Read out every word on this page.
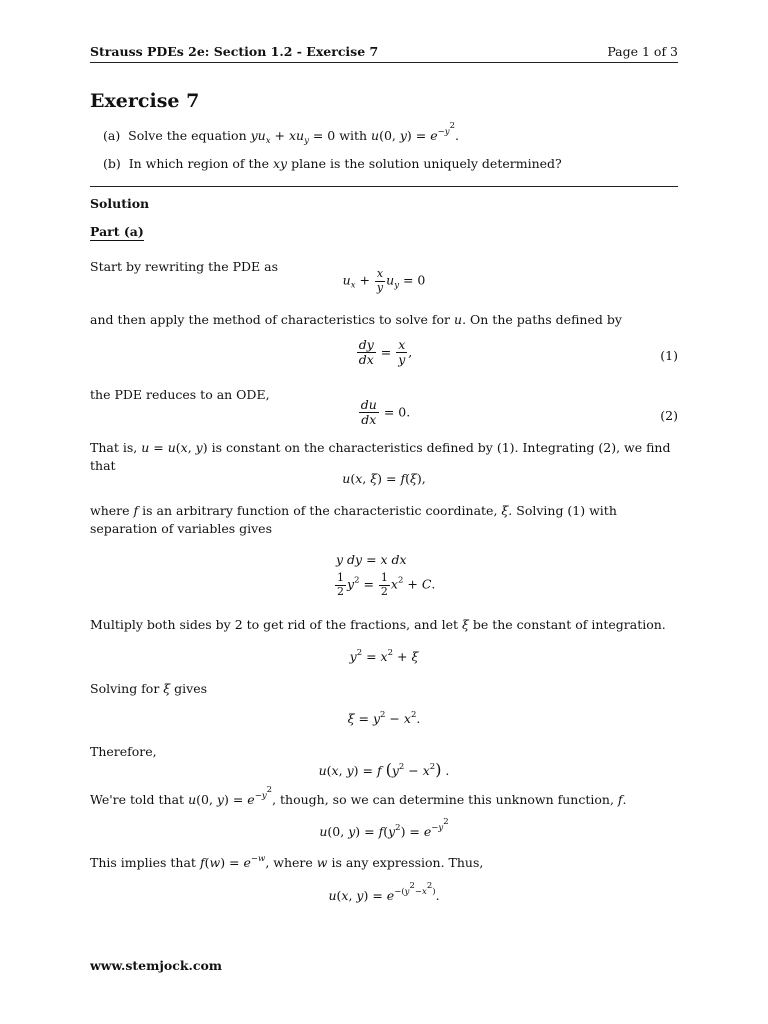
Strauss PDEs 2e: Section 1.2 - Exercise 7	Page 1 of 3
Exercise 7
(a) Solve the equation $yu_x + xu_y = 0$ with u(0, $y) = e^{-y^2}$.
(b) In which region of the xy plane is the solution uniquely determined?
Solution
Part (a)
Start by rewriting the PDE as
$u_x + \frac{x}{y} u_y = 0$
and then apply the method of characteristics to solve for u. On the paths defined by
$\frac{dy}{dx} = \frac{x}{y}$ ,	(1)
the PDE reduces to an ODE,
$\frac{du}{dx} = 0$.	(2)
That is, u = u(x, y) is constant on the characteristics defined by (1). Integrating (2), we find that
u(x, ξ) = f(ξ),
where f is an arbitrary function of the characteristic coordinate, ξ. Solving (1) with separation of variables gives
y dy = x dx
$\frac{1}{2} y^2 = \frac{1}{2} x^2 + C$.
Multiply both sides by 2 to get rid of the fractions, and let ξ be the constant of integration.
$y^2 = x^2 + \xi$
Solving for ξ gives
$\xi = y^2 - x^2$.
Therefore,
u(x, y) = f $(y^2 - x^2)$ .
We're told that u(0, $y) = e^{-y^2}$, though, so we can determine this unknown function, f.
u(0, $y) = f(y^2) = e^{-y^2}$
This implies that $f(w) = e^{-w}$, where w is any expression. Thus,
u(x, $y) = e^{-(y^2-x^2)}$.
www.stemjock.com
